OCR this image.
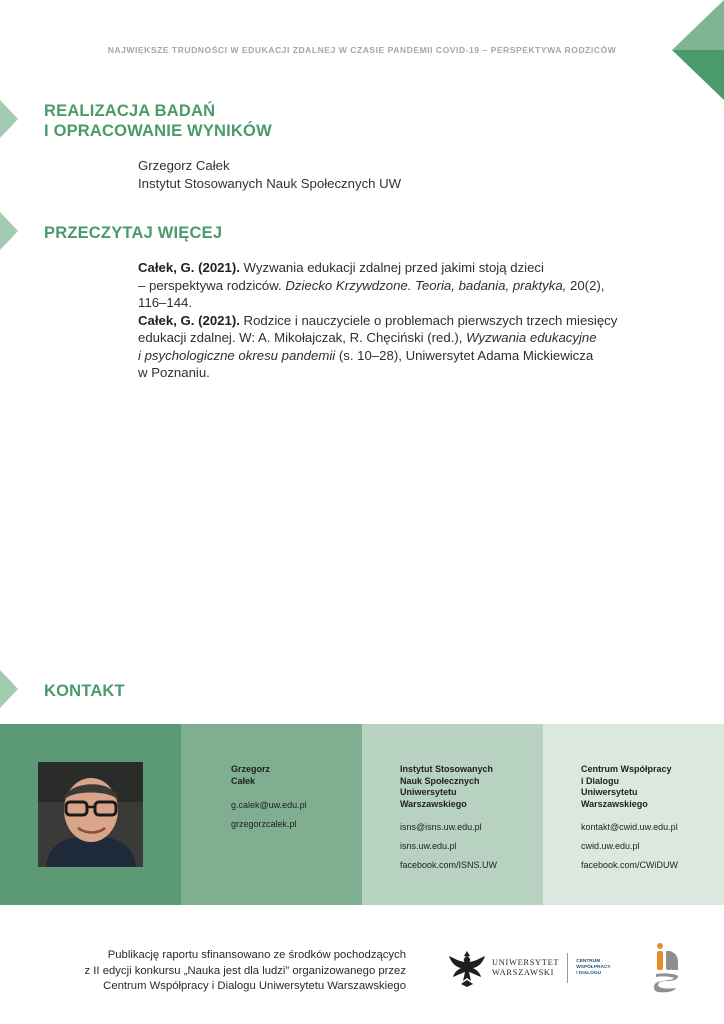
NAJWIĘKSZE TRUDNOŚCI W EDUKACJI ZDALNEJ W CZASIE PANDEMII COVID-19 – PERSPEKTYWA RODZICÓW
REALIZACJA BADAŃ
I OPRACOWANIE WYNIKÓW
Grzegorz Całek
Instytut Stosowanych Nauk Społecznych UW
PRZECZYTAJ WIĘCEJ
Całek, G. (2021). Wyzwania edukacji zdalnej przed jakimi stoją dzieci
– perspektywa rodziców. Dziecko Krzywdzone. Teoria, badania, praktyka, 20(2),
116–144.
Całek, G. (2021). Rodzice i nauczyciele o problemach pierwszych trzech miesięcy
edukacji zdalnej. W: A. Mikołajczak, R. Chęciński (red.), Wyzwania edukacyjne
i psychologiczne okresu pandemii (s. 10–28), Uniwersytet Adama Mickiewicza
w Poznaniu.
KONTAKT
Grzegorz
Całek
g.calek@uw.edu.pl
grzegorzcalek.pl
Instytut Stosowanych
Nauk Społecznych
Uniwersytetu
Warszawskiego
isns@isns.uw.edu.pl
isns.uw.edu.pl
facebook.com/ISNS.UW
Centrum Współpracy
i Dialogu
Uniwersytetu
Warszawskiego
kontakt@cwid.uw.edu.pl
cwid.uw.edu.pl
facebook.com/CWiDUW
Publikację raportu sfinansowano ze środków pochodzących
z II edycji konkursu „Nauka jest dla ludzi” organizowanego przez
Centrum Współpracy i Dialogu Uniwersytetu Warszawskiego
UNIWERSYTET
WARSZAWSKI
CENTRUM
WSPÓŁPRACY
I DIALOGU
